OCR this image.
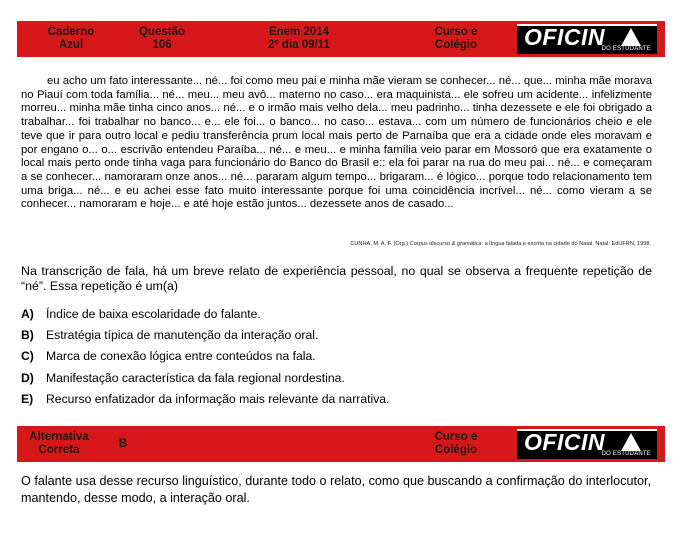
Caderno
Azul
Questão
106
Enem 2014
2º dia 09/11
Curso e
Colégio	OFICIN
DO ESTUDANTE

eu acho um fato interessante... né... foi como meu pai e minha mãe vieram se conhecer... né... que... minha mãe morava no Piauí com toda família... né... meu... meu avô... materno no caso... era maquinista... ele sofreu um acidente... infelizmente morreu... minha mãe tinha cinco anos... né... e o irmão mais velho dela... meu padrinho... tinha dezessete e ele foi obrigado a trabalhar... foi trabalhar no banco... e... ele foi... o banco... no caso... estava... com um número de funcionários cheio e ele teve que ir para outro local e pediu transferência prum local mais perto de Parnaíba que era a cidade onde eles moravam e por engano o... o... escrivão entendeu Paraíba... né... e meu... e minha família veio parar em Mossoró que era exatamente o local mais perto onde tinha vaga para funcionário do Banco do Brasil e:: ela foi parar na rua do meu pai... né... e começaram a se conhecer... namoraram onze anos... né... pararam algum tempo... brigaram... é lógico... porque todo relacionamento tem uma briga... né... e eu achei esse fato muito interessante porque foi uma coincidência incrível... né... como vieram a se conhecer... namoraram e hoje... e até hoje estão juntos... dezessete anos de casado...

CUNHA, M. A. F. (Org.) Corpus discurso & gramática: a língua falada e escrita na cidade do Natal. Natal: EdUFRN, 1998.

Na transcrição de fala, há um breve relato de experiência pessoal, no qual se observa a frequente repetição de “né”. Essa repetição é um(a)

A) Índice de baixa escolaridade do falante.
B) Estratégia típica de manutenção da interação oral.
C) Marca de conexão lógica entre conteúdos na fala.
D) Manifestação característica da fala regional nordestina.
E) Recurso enfatizador da informação mais relevante da narrativa.
Alternativa
Correta
B
Curso e
Colégio	OFICIN
DO ESTUDANTE

O falante usa desse recurso linguístico, durante todo o relato, como que buscando a confirmação do interlocutor, mantendo, desse modo, a interação oral.
